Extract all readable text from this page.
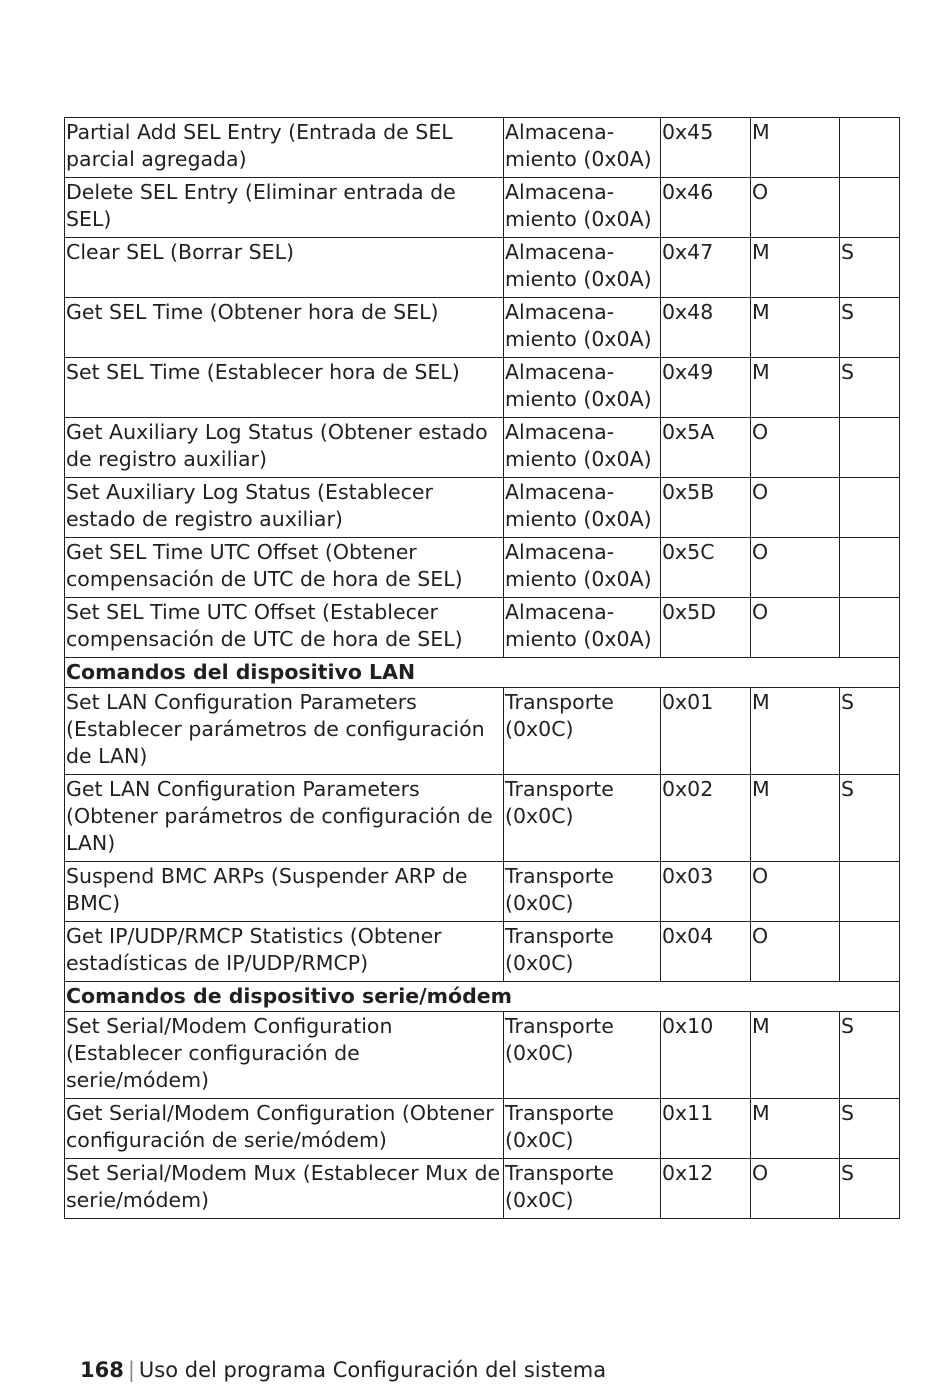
Partial Add SEL Entry (Entrada de SEL parcial agregada)	Almacena-miento (0x0A)	0x45	M	
Delete SEL Entry (Eliminar entrada de SEL)	Almacena-miento (0x0A)	0x46	O	
Clear SEL (Borrar SEL)	Almacena-miento (0x0A)	0x47	M	S
Get SEL Time (Obtener hora de SEL)	Almacena-miento (0x0A)	0x48	M	S
Set SEL Time (Establecer hora de SEL)	Almacena-miento (0x0A)	0x49	M	S
Get Auxiliary Log Status (Obtener estado de registro auxiliar)	Almacena-miento (0x0A)	0x5A	O	
Set Auxiliary Log Status (Establecer estado de registro auxiliar)	Almacena-miento (0x0A)	0x5B	O	
Get SEL Time UTC Offset (Obtener compensación de UTC de hora de SEL)	Almacena-miento (0x0A)	0x5C	O	
Set SEL Time UTC Offset (Establecer compensación de UTC de hora de SEL)	Almacena-miento (0x0A)	0x5D	O	
Comandos del dispositivo LAN				
Set LAN Configuration Parameters (Establecer parámetros de configuración de LAN)	Transporte (0x0C)	0x01	M	S
Get LAN Configuration Parameters (Obtener parámetros de configuración de LAN)	Transporte (0x0C)	0x02	M	S
Suspend BMC ARPs (Suspender ARP de BMC)	Transporte (0x0C)	0x03	O	
Get IP/UDP/RMCP Statistics (Obtener estadísticas de IP/UDP/RMCP)	Transporte (0x0C)	0x04	O	
Comandos de dispositivo serie/módem				
Set Serial/Modem Configuration (Establecer configuración de serie/módem)	Transporte (0x0C)	0x10	M	S
Get Serial/Modem Configuration (Obtener configuración de serie/módem)	Transporte (0x0C)	0x11	M	S
Set Serial/Modem Mux (Establecer Mux de serie/módem)	Transporte (0x0C)	0x12	O	S
168 | Uso del programa Configuración del sistema
